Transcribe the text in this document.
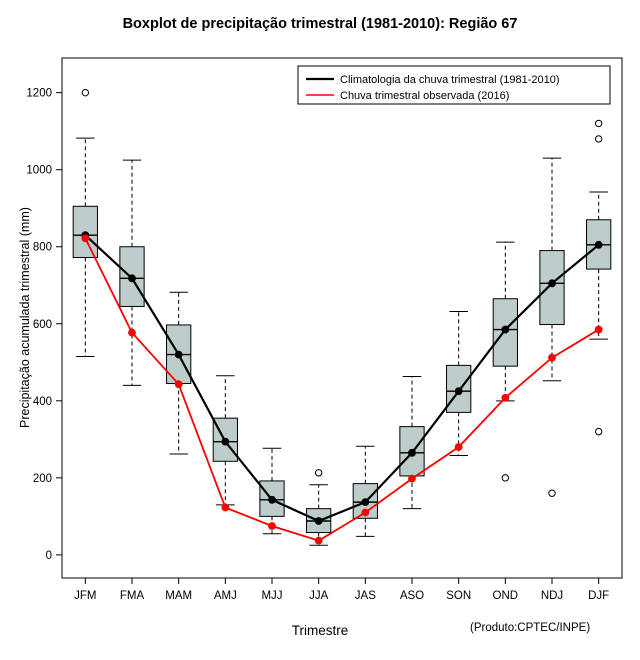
Boxplot de precipitação trimestral (1981-2010): Região 67
Precipitação acumulada trimestral (mm)
Trimestre	(Produto:CPTEC/INPE)
0
200
400
600
800
1000
1200
JFM FMA MAM AMJ MJJ JJA JAS ASO SON OND NDJ DJF
Climatologia da chuva trimestral (1981-2010)
Chuva trimestral observada (2016)
